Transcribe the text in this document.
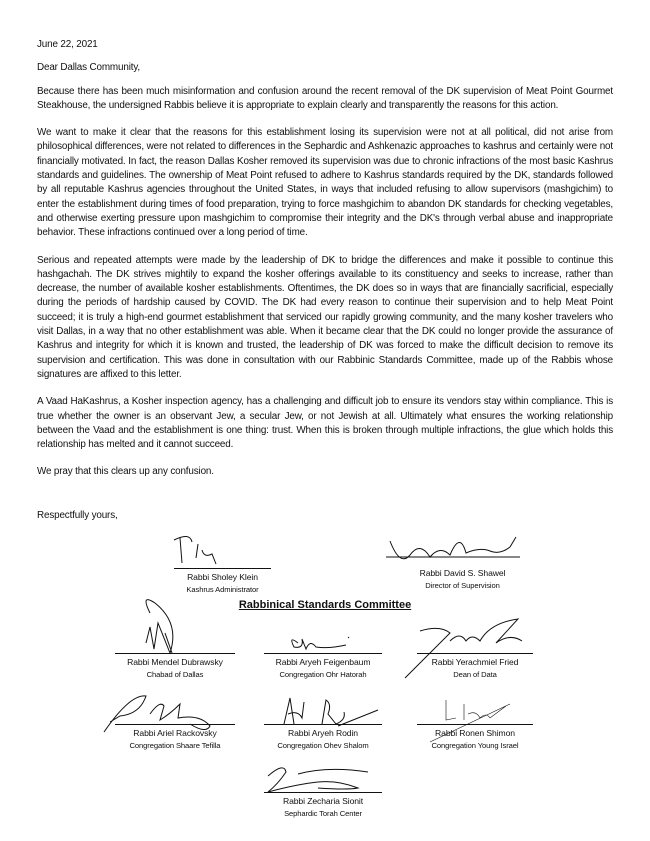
June 22, 2021

Dear Dallas Community,

Because there has been much misinformation and confusion around the recent removal of the DK supervision of Meat Point Gourmet Steakhouse, the undersigned Rabbis believe it is appropriate to explain clearly and transparently the reasons for this action.

We want to make it clear that the reasons for this establishment losing its supervision were not at all political, did not arise from philosophical differences, were not related to differences in the Sephardic and Ashkenazic approaches to kashrus and certainly were not financially motivated. In fact, the reason Dallas Kosher removed its supervision was due to chronic infractions of the most basic Kashrus standards and guidelines. The ownership of Meat Point refused to adhere to Kashrus standards required by the DK, standards followed by all reputable Kashrus agencies throughout the United States, in ways that included refusing to allow supervisors (mashgichim) to enter the establishment during times of food preparation, trying to force mashgichim to abandon DK standards for checking vegetables, and otherwise exerting pressure upon mashgichim to compromise their integrity and the DK's through verbal abuse and inappropriate behavior. These infractions continued over a long period of time.

Serious and repeated attempts were made by the leadership of DK to bridge the differences and make it possible to continue this hashgachah. The DK strives mightily to expand the kosher offerings available to its constituency and seeks to increase, rather than decrease, the number of available kosher establishments. Oftentimes, the DK does so in ways that are financially sacrificial, especially during the periods of hardship caused by COVID. The DK had every reason to continue their supervision and to help Meat Point succeed; it is truly a high-end gourmet establishment that serviced our rapidly growing community, and the many kosher travelers who visit Dallas, in a way that no other establishment was able. When it became clear that the DK could no longer provide the assurance of Kashrus and integrity for which it is known and trusted, the leadership of DK was forced to make the difficult decision to remove its supervision and certification. This was done in consultation with our Rabbinic Standards Committee, made up of the Rabbis whose signatures are affixed to this letter.

A Vaad HaKashrus, a Kosher inspection agency, has a challenging and difficult job to ensure its vendors stay within compliance. This is true whether the owner is an observant Jew, a secular Jew, or not Jewish at all. Ultimately what ensures the working relationship between the Vaad and the establishment is one thing: trust. When this is broken through multiple infractions, the glue which holds this relationship has melted and it cannot succeed.

We pray that this clears up any confusion.

Respectfully yours,
Rabbi Sholey Klein
Kashrus Administrator
Rabbi David S. Shawel
Director of Supervision
Rabbinical Standards Committee
Rabbi Mendel Dubrawsky
Chabad of Dallas
Rabbi Aryeh Feigenbaum
Congregation Ohr Hatorah
Rabbi Yerachmiel Fried
Dean of Data
Rabbi Ariel Rackovsky
Congregation Shaare Tefilla
Rabbi Aryeh Rodin
Congregation Ohev Shalom
Rabbi Ronen Shimon
Congregation Young Israel
Rabbi Zecharia Sionit
Sephardic Torah Center
